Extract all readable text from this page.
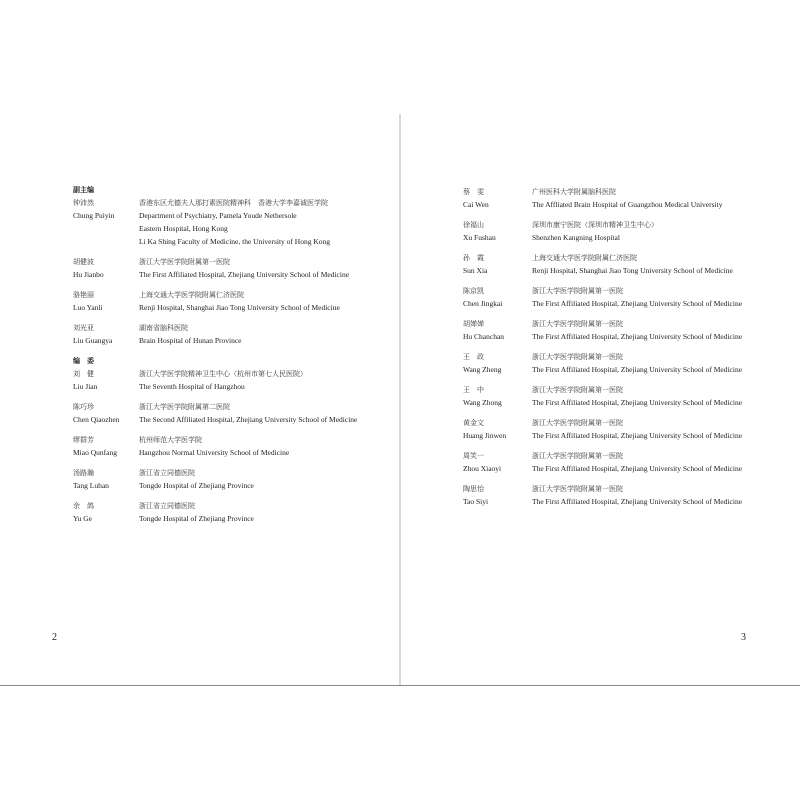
副主编
钟沛然
Chung Puiyin
香港东区尤德夫人那打素医院精神科　香港大学李嘉诚医学院
Department of Psychiatry, Pamela Youde Nethersole
Eastern Hospital, Hong Kong
Li Ka Shing Faculty of Medicine, the University of Hong Kong
胡健波
Hu Jianbo
浙江大学医学院附属第一医院
The First Affiliated Hospital, Zhejiang University School of Medicine
骆艳丽
Luo Yanli
上海交通大学医学院附属仁济医院
Renji Hospital, Shanghai Jiao Tong University School of Medicine
刘光亚
Liu Guangya
湖南省脑科医院
Brain Hospital of Hunan Province
编　委
刘　健
Liu Jian
浙江大学医学院精神卫生中心（杭州市第七人民医院）
The Seventh Hospital of Hangzhou
陈巧珍
Chen Qiaozhen
浙江大学医学院附属第二医院
The Second Affiliated Hospital, Zhejiang University School of Medicine
缪群芳
Miao Qunfang
杭州师范大学医学院
Hangzhou Normal University School of Medicine
汤路瀚
Tang Luhan
浙江省立同德医院
Tongde Hospital of Zhejiang Province
余　鸽
Yu Ge
浙江省立同德医院
Tongde Hospital of Zhejiang Province
2
蔡　雯
Cai Wen
广州医科大学附属脑科医院
The Affliated Brain Hospital of Guangzhou Medical University
徐福山
Xu Fushan
深圳市康宁医院（深圳市精神卫生中心）
Shenzhen Kangning Hospital
孙　霞
Sun Xia
上海交通大学医学院附属仁济医院
Renji Hospital, Shanghai Jiao Tong University School of Medicine
陈京凯
Chen Jingkai
浙江大学医学院附属第一医院
The First Affiliated Hospital, Zhejiang University School of Medicine
胡婵婵
Hu Chanchan
浙江大学医学院附属第一医院
The First Affiliated Hospital, Zhejiang University School of Medicine
王　政
Wang Zheng
浙江大学医学院附属第一医院
The First Affiliated Hospital, Zhejiang University School of Medicine
王　中
Wang Zhong
浙江大学医学院附属第一医院
The First Affiliated Hospital, Zhejiang University School of Medicine
黄金文
Huang Jinwen
浙江大学医学院附属第一医院
The First Affiliated Hospital, Zhejiang University School of Medicine
周笑一
Zhou Xiaoyi
浙江大学医学院附属第一医院
The First Affiliated Hospital, Zhejiang University School of Medicine
陶思怡
Tao Siyi
浙江大学医学院附属第一医院
The First Affiliated Hospital, Zhejiang University School of Medicine
3
